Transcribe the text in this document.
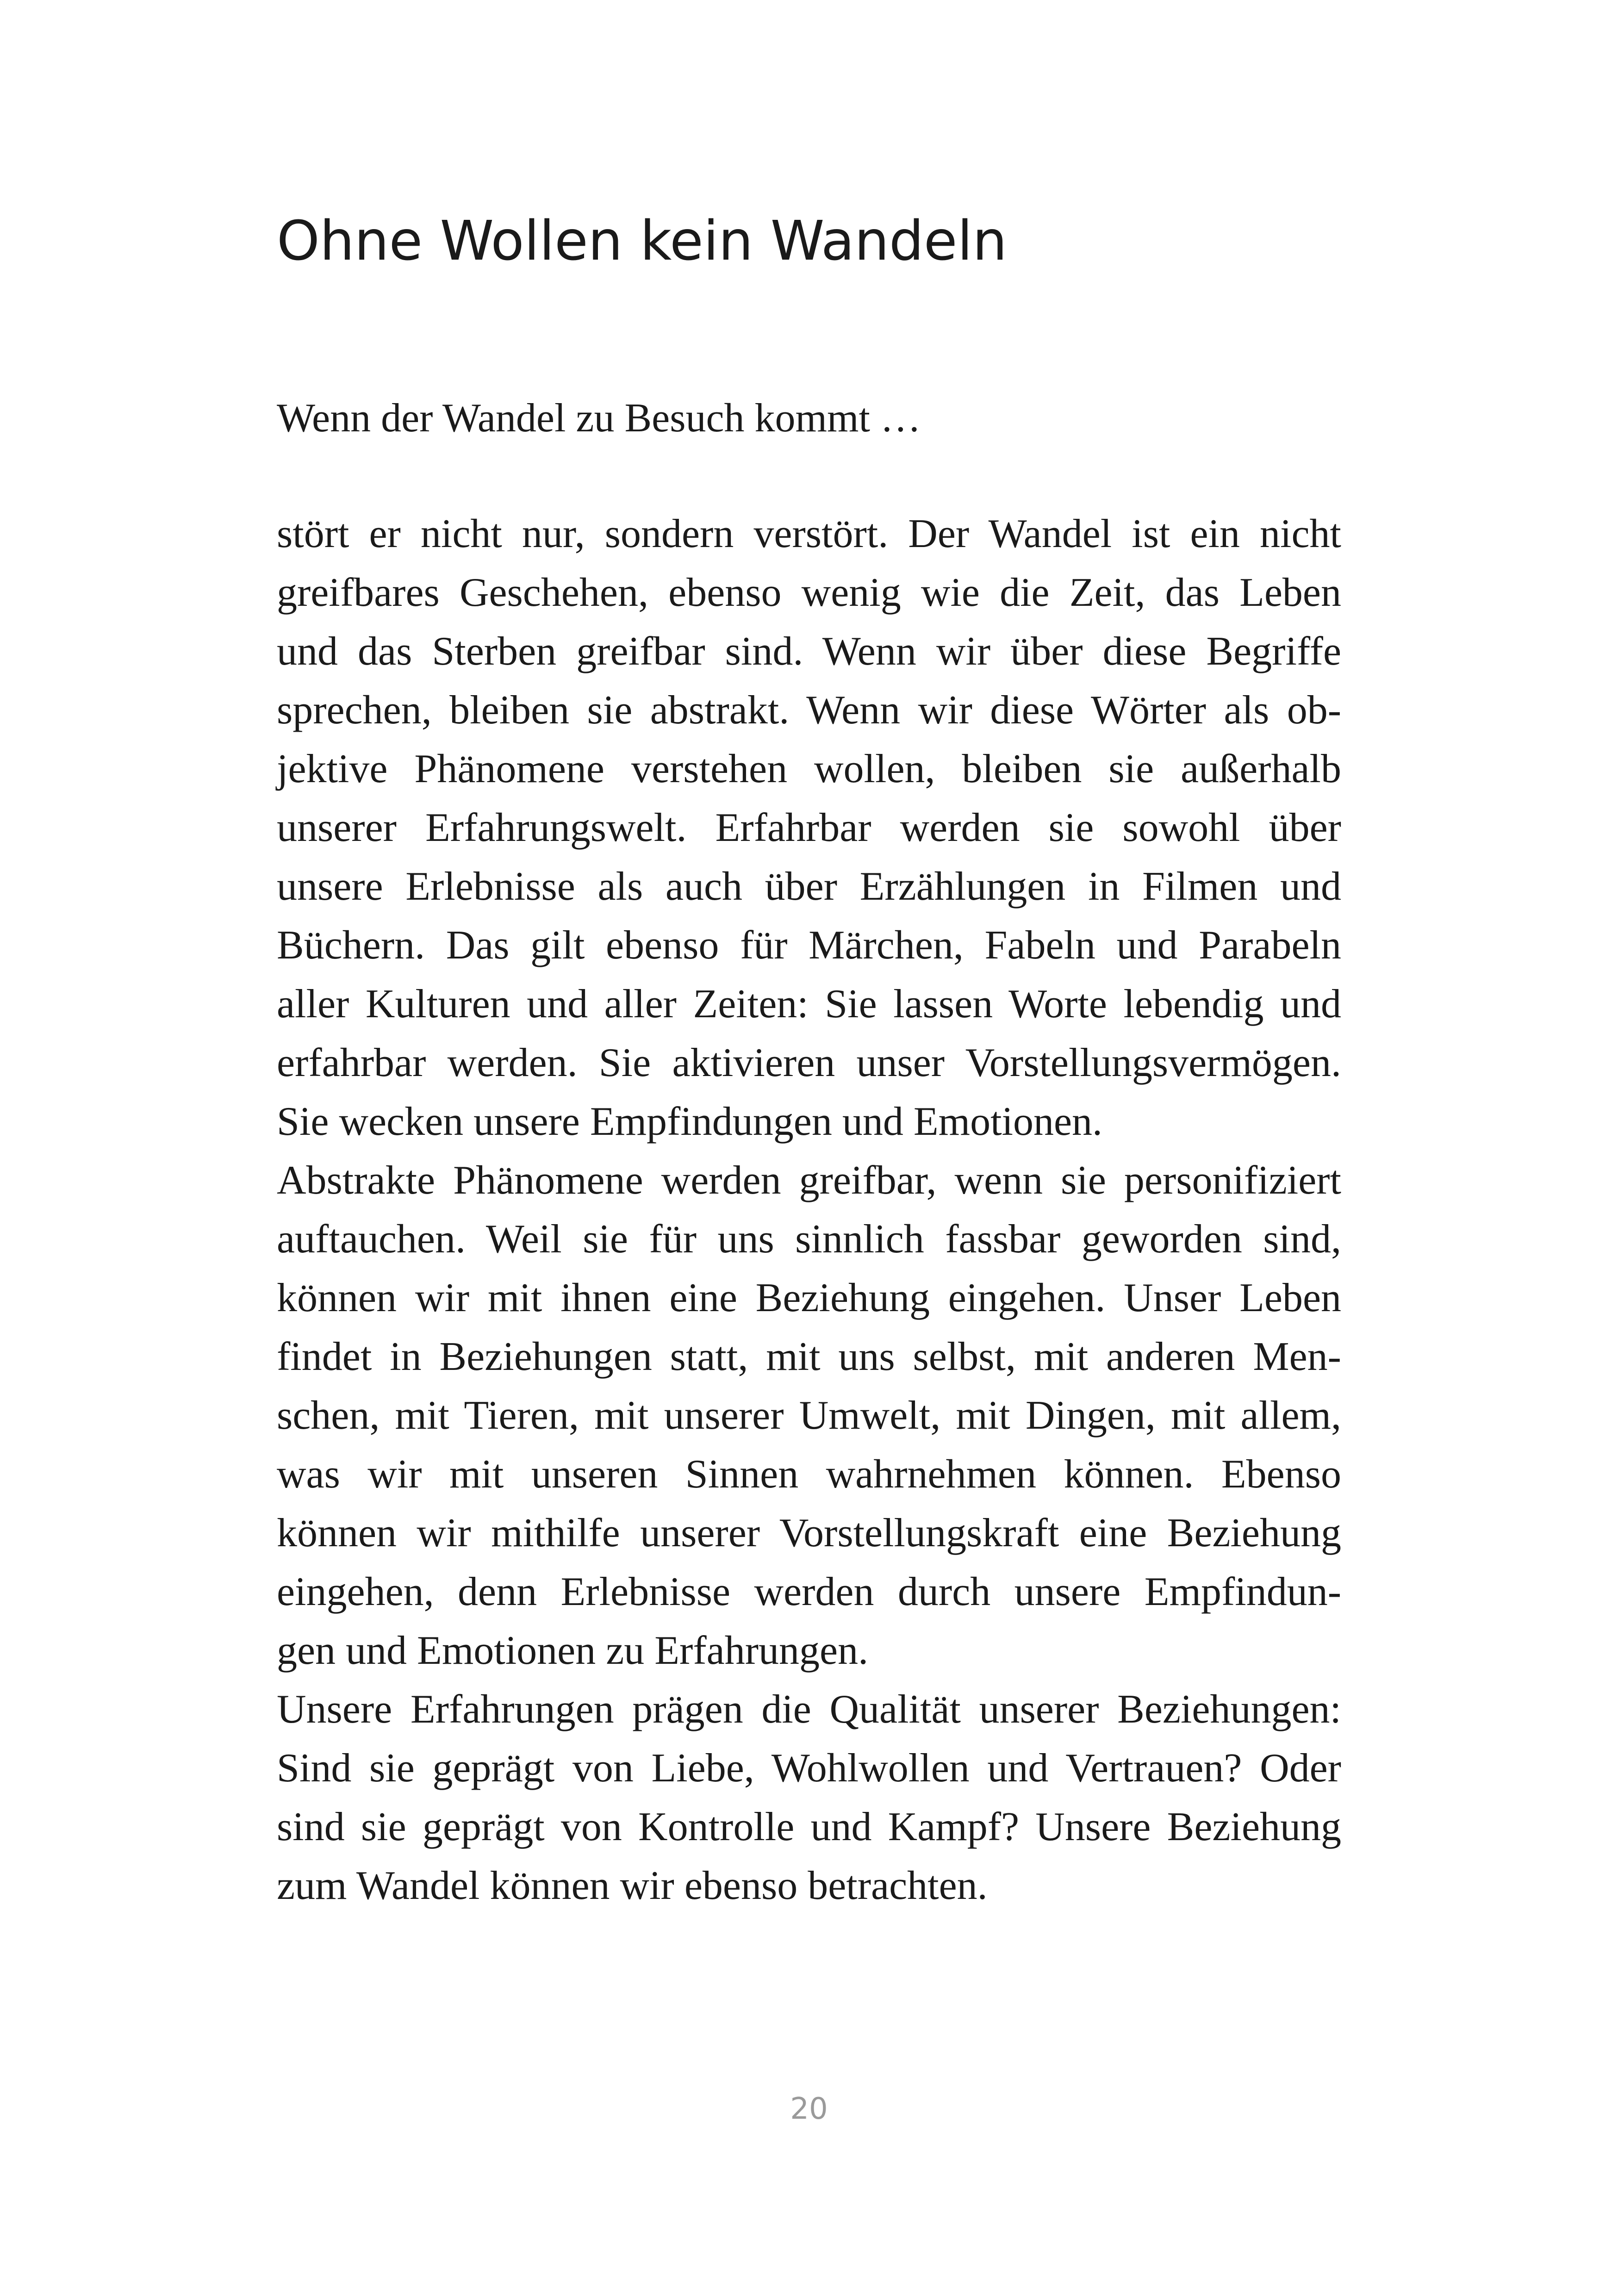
Ohne Wollen kein Wandeln

Wenn der Wandel zu Besuch kommt …

stört er nicht nur, sondern verstört. Der Wandel ist ein nicht
greifbares Geschehen, ebenso wenig wie die Zeit, das Leben
und das Sterben greifbar sind. Wenn wir über diese Begriffe
sprechen, bleiben sie abstrakt. Wenn wir diese Wörter als ob-
jektive Phänomene verstehen wollen, bleiben sie außerhalb
unserer Erfahrungswelt. Erfahrbar werden sie sowohl über
unsere Erlebnisse als auch über Erzählungen in Filmen und
Büchern. Das gilt ebenso für Märchen, Fabeln und Parabeln
aller Kulturen und aller Zeiten: Sie lassen Worte lebendig und
erfahrbar werden. Sie aktivieren unser Vorstellungsvermögen.
Sie wecken unsere Empfindungen und Emotionen.
Abstrakte Phänomene werden greifbar, wenn sie personifiziert
auftauchen. Weil sie für uns sinnlich fassbar geworden sind,
können wir mit ihnen eine Beziehung eingehen. Unser Leben
findet in Beziehungen statt, mit uns selbst, mit anderen Men-
schen, mit Tieren, mit unserer Umwelt, mit Dingen, mit allem,
was wir mit unseren Sinnen wahrnehmen können. Ebenso
können wir mithilfe unserer Vorstellungskraft eine Beziehung
eingehen, denn Erlebnisse werden durch unsere Empfindun-
gen und Emotionen zu Erfahrungen.
Unsere Erfahrungen prägen die Qualität unserer Beziehungen:
Sind sie geprägt von Liebe, Wohlwollen und Vertrauen? Oder
sind sie geprägt von Kontrolle und Kampf? Unsere Beziehung
zum Wandel können wir ebenso betrachten.
20
